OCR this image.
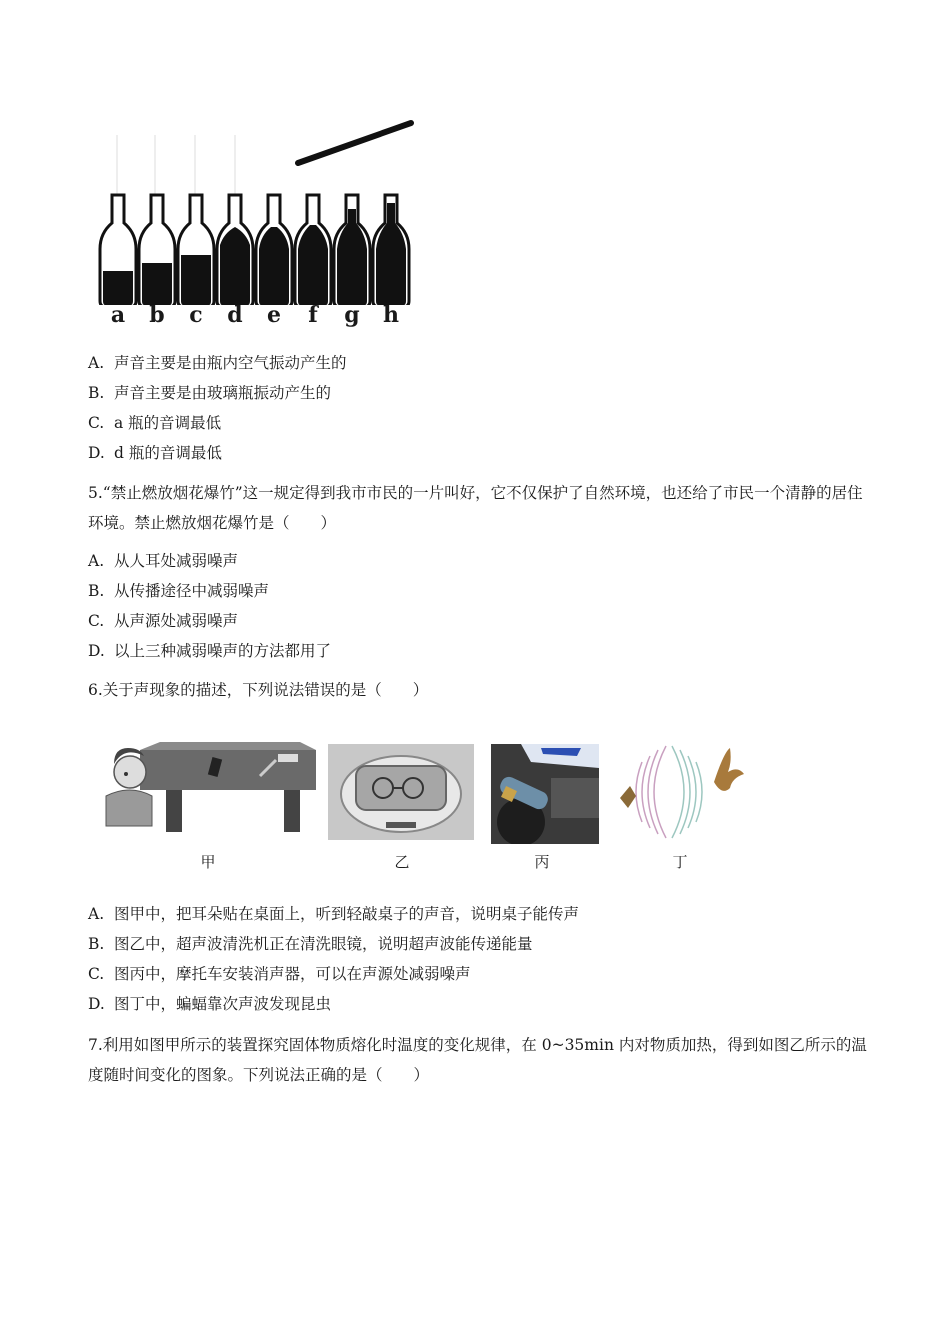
a b c d e	f	g h
A. 声音主要是由瓶内空气振动产生的
B. 声音主要是由玻璃瓶振动产生的
C. a 瓶的音调最低
D. d 瓶的音调最低
5.“禁止燃放烟花爆竹”这一规定得到我市市民的一片叫好，它不仅保护了自然环境，也还给了市民一个清静的居住环境。禁止燃放烟花爆竹是（　　）
A. 从人耳处减弱噪声
B. 从传播途径中减弱噪声
C. 从声源处减弱噪声
D. 以上三种减弱噪声的方法都用了
6.关于声现象的描述，下列说法错误的是（　　）
甲	乙	丙	丁
A. 图甲中，把耳朵贴在桌面上，听到轻敲桌子的声音，说明桌子能传声
B. 图乙中，超声波清洗机正在清洗眼镜，说明超声波能传递能量
C. 图丙中，摩托车安装消声器，可以在声源处减弱噪声
D. 图丁中，蝙蝠靠次声波发现昆虫
7.利用如图甲所示的装置探究固体物质熔化时温度的变化规律，在 0~35min 内对物质加热，得到如图乙所示的温度随时间变化的图象。下列说法正确的是（　　）
